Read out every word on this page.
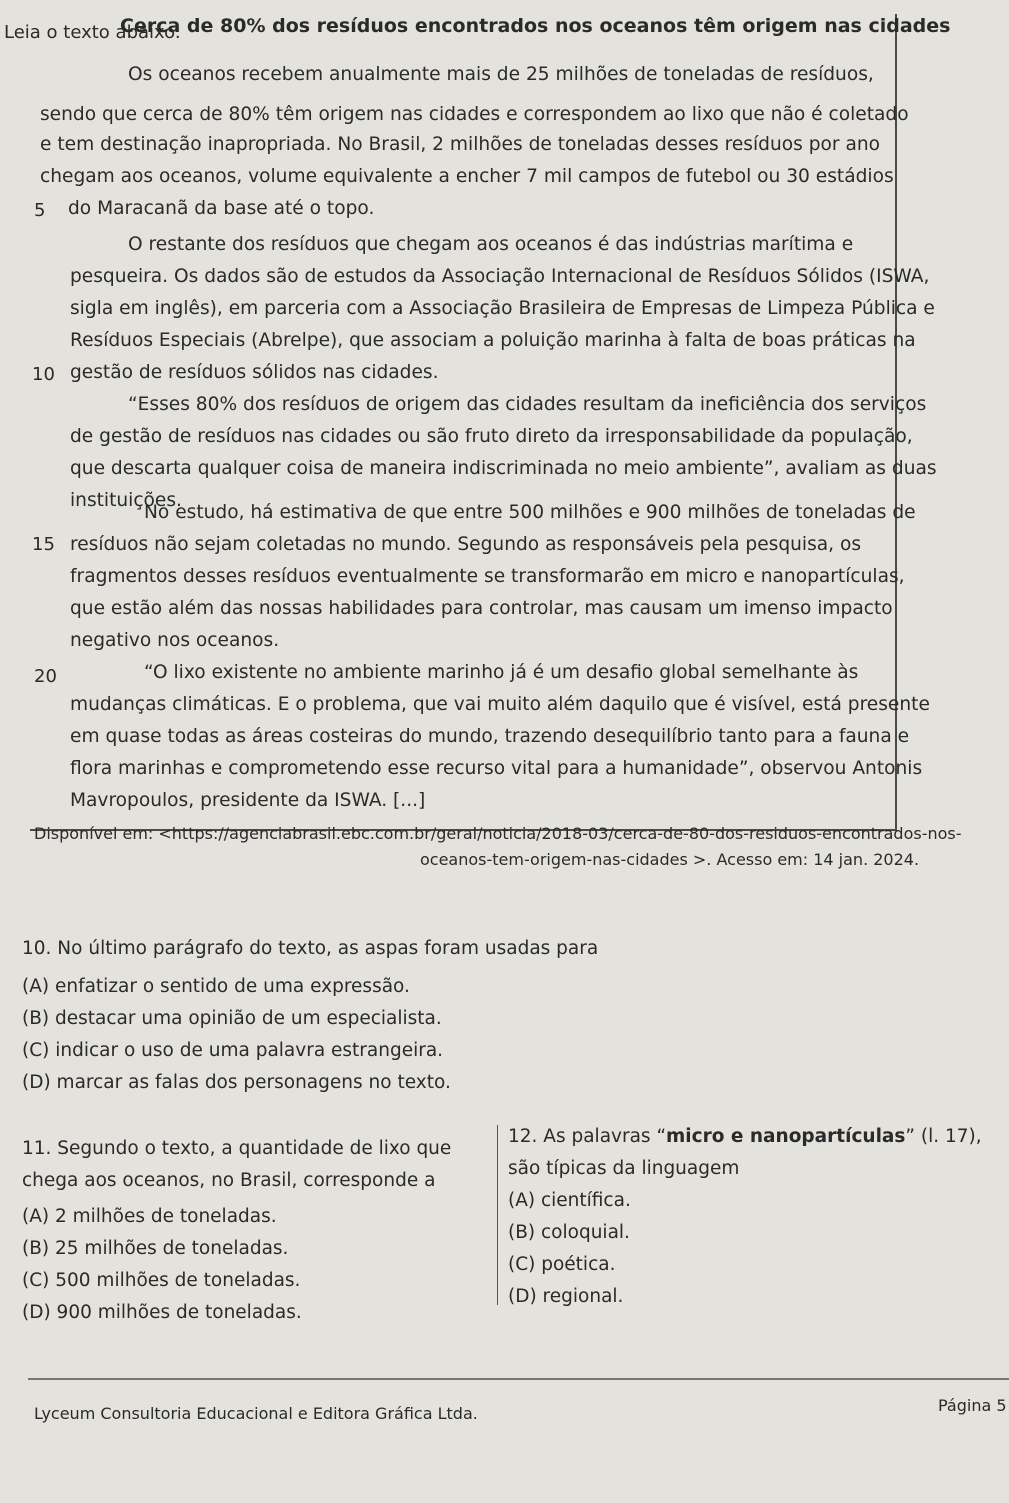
Leia o texto abaixo.
Cerca de 80% dos resíduos encontrados nos oceanos têm origem nas cidades
Os oceanos recebem anualmente mais de 25 milhões de toneladas de resíduos,
sendo que cerca de 80% têm origem nas cidades e correspondem ao lixo que não é coletado
e tem destinação inapropriada. No Brasil, 2 milhões de toneladas desses resíduos por ano
chegam aos oceanos, volume equivalente a encher 7 mil campos de futebol ou 30 estádios
5 do Maracanã da base até o topo.
O restante dos resíduos que chegam aos oceanos é das indústrias marítima e
pesqueira. Os dados são de estudos da Associação Internacional de Resíduos Sólidos (ISWA,
sigla em inglês), em parceria com a Associação Brasileira de Empresas de Limpeza Pública e
Resíduos Especiais (Abrelpe), que associam a poluição marinha à falta de boas práticas na
10 gestão de resíduos sólidos nas cidades.
“Esses 80% dos resíduos de origem das cidades resultam da ineficiência dos serviços
de gestão de resíduos nas cidades ou são fruto direto da irresponsabilidade da população,
que descarta qualquer coisa de maneira indiscriminada no meio ambiente”, avaliam as duas
instituições.
15
No estudo, há estimativa de que entre 500 milhões e 900 milhões de toneladas de
resíduos não sejam coletadas no mundo. Segundo as responsáveis pela pesquisa, os
fragmentos desses resíduos eventualmente se transformarão em micro e nanopartículas,
que estão além das nossas habilidades para controlar, mas causam um imenso impacto
negativo nos oceanos.
20	“O lixo existente no ambiente marinho já é um desafio global semelhante às
mudanças climáticas. E o problema, que vai muito além daquilo que é visível, está presente
em quase todas as áreas costeiras do mundo, trazendo desequilíbrio tanto para a fauna e
flora marinhas e comprometendo esse recurso vital para a humanidade”, observou Antonis
Mavropoulos, presidente da ISWA. [...]
Disponível em: <https://agenciabrasil.ebc.com.br/geral/noticia/2018-03/cerca-de-80-dos-residuos-encontrados-nos-
oceanos-tem-origem-nas-cidades >. Acesso em: 14 jan. 2024.
10. No último parágrafo do texto, as aspas foram usadas para
(A) enfatizar o sentido de uma expressão.
(B) destacar uma opinião de um especialista.
(C) indicar o uso de uma palavra estrangeira.
(D) marcar as falas dos personagens no texto.
11. Segundo o texto, a quantidade de lixo que
chega aos oceanos, no Brasil, corresponde a
(A) 2 milhões de toneladas.
(B) 25 milhões de toneladas.
(C) 500 milhões de toneladas.
(D) 900 milhões de toneladas.
12. As palavras “micro e nanopartículas” (l. 17),
são típicas da linguagem
(A) científica.
(B) coloquial.
(C) poética.
(D) regional.
Lyceum Consultoria Educacional e Editora Gráfica Ltda.	Página 5
